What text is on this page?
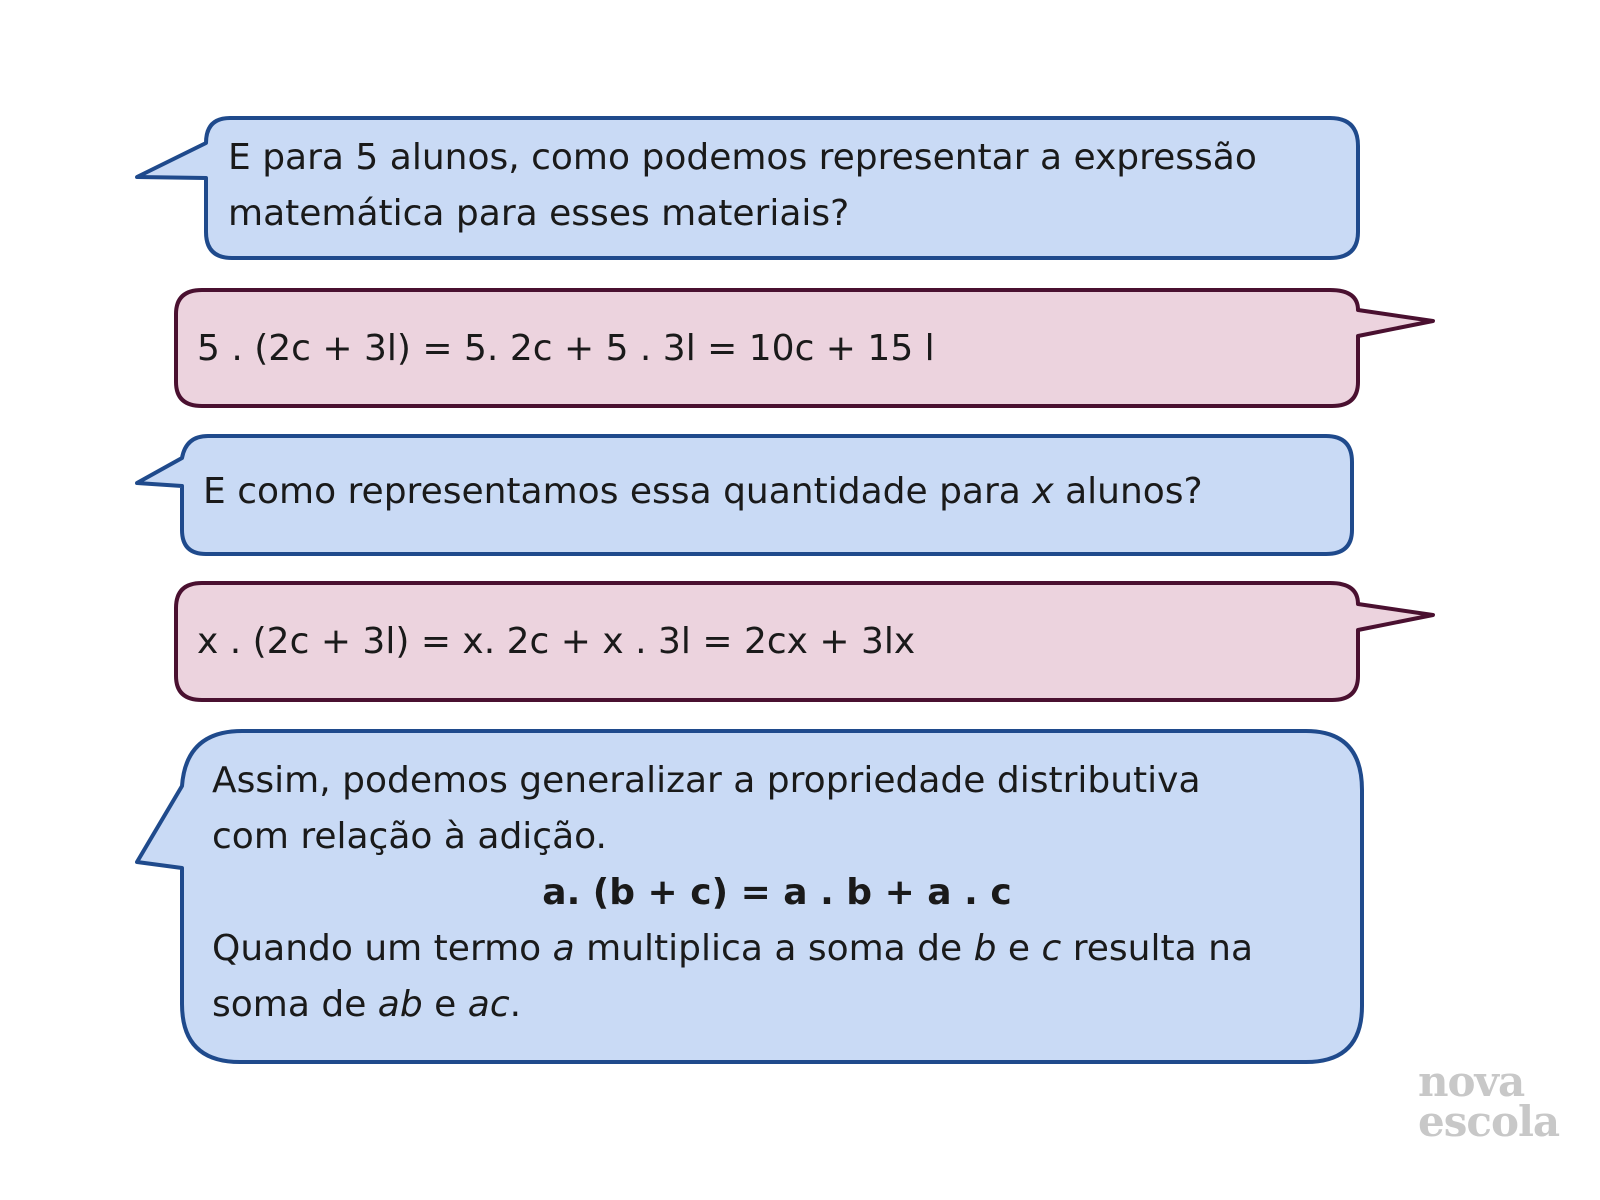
E para 5 alunos, como podemos representar a expressão
matemática para esses materiais?
5 . (2c + 3l) = 5. 2c + 5 . 3l = 10c + 15 l
E como representamos essa quantidade para x alunos?
x . (2c + 3l) = x. 2c + x . 3l = 2cx + 3lx
Assim, podemos generalizar a propriedade distributiva
com relação à adição.
a. (b + c) = a . b + a . c
Quando um termo a multiplica a soma de b e c resulta na
soma de ab e ac.
nova
escola
